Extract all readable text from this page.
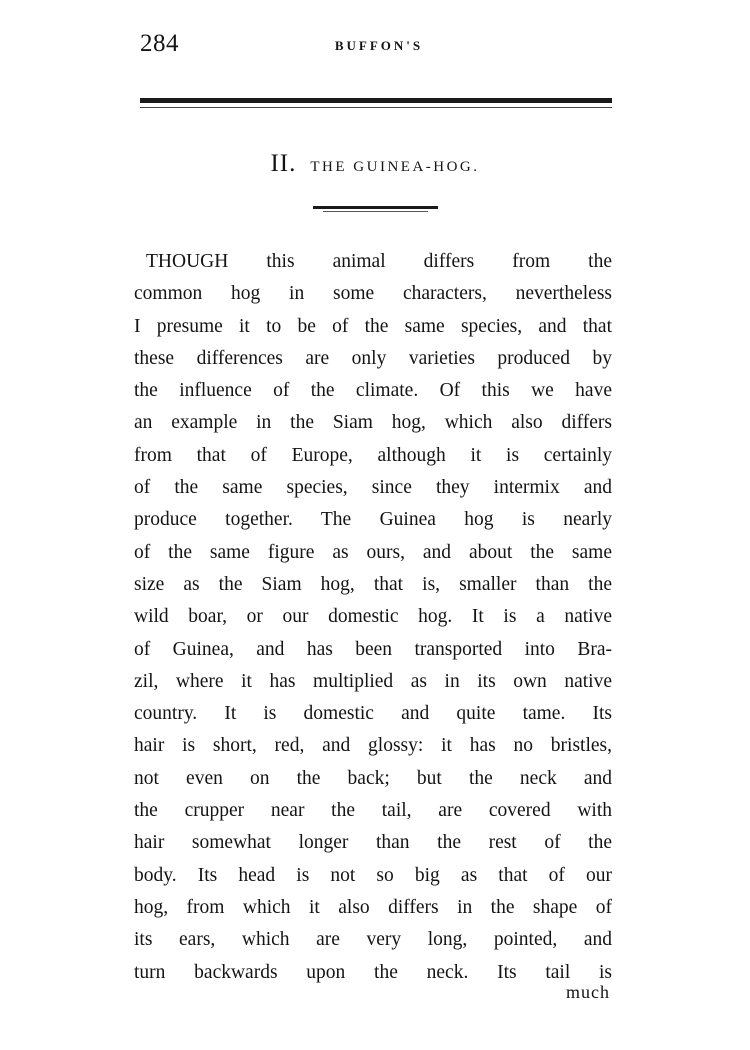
284	BUFFON'S
II. THE GUINEA-HOG.
THOUGH this animal differs from the
common hog in some characters, nevertheless
I presume it to be of the same species, and that
these differences are only varieties produced by
the influence of the climate. Of this we have
an example in the Siam hog, which also differs
from that of Europe, although it is certainly
of the same species, since they intermix and
produce together. The Guinea hog is nearly
of the same figure as ours, and about the same
size as the Siam hog, that is, smaller than the
wild boar, or our domestic hog. It is a native
of Guinea, and has been transported into Bra-
zil, where it has multiplied as in its own native
country. It is domestic and quite tame. Its
hair is short, red, and glossy: it has no bristles,
not even on the back; but the neck and
the crupper near the tail, are covered with
hair somewhat longer than the rest of the
body. Its head is not so big as that of our
hog, from which it also differs in the shape of
its ears, which are very long, pointed, and
turn backwards upon the neck. Its tail is
much
